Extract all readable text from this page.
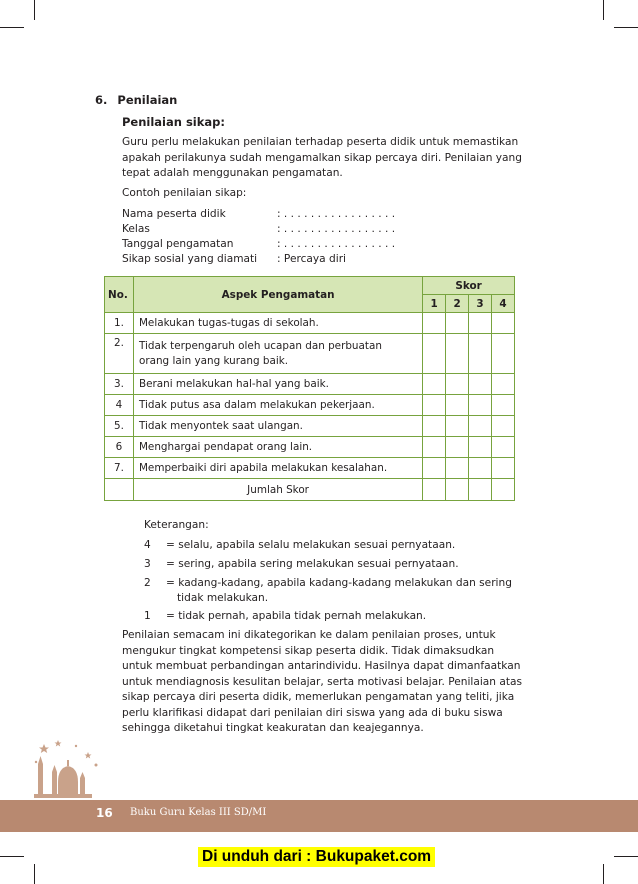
6. Penilaian
Penilaian sikap:
Guru perlu melakukan penilaian terhadap peserta didik untuk memastikan
apakah perilakunya sudah mengamalkan sikap percaya diri. Penilaian yang
tepat adalah menggunakan pengamatan.
Contoh penilaian sikap:
Nama peserta didik	: . . . . . . . . . . . . . . . . .
Kelas	: . . . . . . . . . . . . . . . . .
Tanggal pengamatan	: . . . . . . . . . . . . . . . . .
Sikap sosial yang diamati	: Percaya diri
No.	Aspek Pengamatan	Skor			
		1	2	3	4
1.	Melakukan tugas-tugas di sekolah.				
2.	Tidak terpengaruh oleh ucapan dan perbuatan
orang lain yang kurang baik.				

3.	Berani melakukan hal-hal yang baik.				
4	Tidak putus asa dalam melakukan pekerjaan.				
5.	Tidak menyontek saat ulangan.				
6	Menghargai pendapat orang lain.				
7.	Memperbaiki diri apabila melakukan kesalahan.				
	Jumlah Skor				
Keterangan:
4 = selalu, apabila selalu melakukan sesuai pernyataan.
3 = sering, apabila sering melakukan sesuai pernyataan.
2 = kadang-kadang, apabila kadang-kadang melakukan dan sering
tidak melakukan.
1 = tidak pernah, apabila tidak pernah melakukan.
Penilaian semacam ini dikategorikan ke dalam penilaian proses, untuk
mengukur tingkat kompetensi sikap peserta didik. Tidak dimaksudkan
untuk membuat perbandingan antarindividu. Hasilnya dapat dimanfaatkan
untuk mendiagnosis kesulitan belajar, serta motivasi belajar. Penilaian atas
sikap percaya diri peserta didik, memerlukan pengamatan yang teliti, jika
perlu klarifikasi didapat dari penilaian diri siswa yang ada di buku siswa
sehingga diketahui tingkat keakuratan dan keajegannya.
16 Buku Guru Kelas III SD/MI
Di unduh dari : Bukupaket.com
